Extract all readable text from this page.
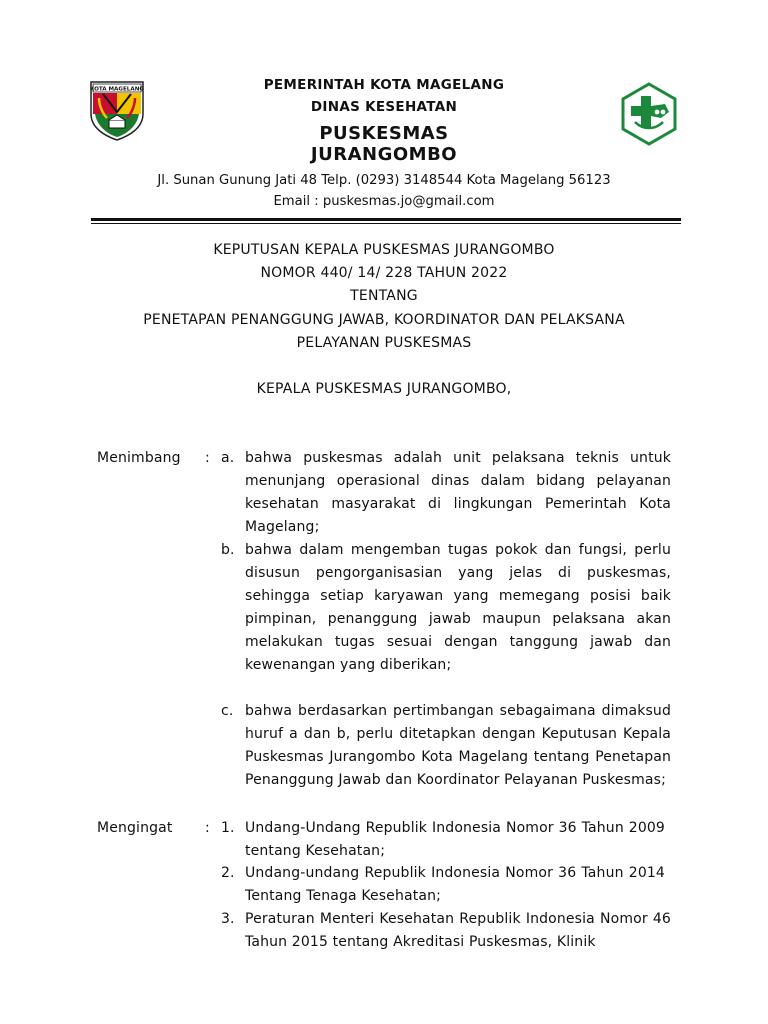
KOTA MAGELANG	PEMERINTAH KOTA MAGELANG
DINAS KESEHATAN
PUSKESMAS JURANGOMBO
Jl. Sunan Gunung Jati 48 Telp. (0293) 3148544 Kota Magelang 56123
Email : puskesmas.jo@gmail.com
KEPUTUSAN KEPALA PUSKESMAS JURANGOMBO
NOMOR 440/ 14/ 228 TAHUN 2022
TENTANG
PENETAPAN PENANGGUNG JAWAB, KOORDINATOR DAN PELAKSANA
PELAYANAN PUSKESMAS
KEPALA PUSKESMAS JURANGOMBO,
Menimbang : a. bahwa puskesmas adalah unit pelaksana teknis untuk menunjang operasional dinas dalam bidang pelayanan kesehatan masyarakat di lingkungan Pemerintah Kota Magelang;
b. bahwa dalam mengemban tugas pokok dan fungsi, perlu disusun pengorganisasian yang jelas di puskesmas, sehingga setiap karyawan yang memegang posisi baik pimpinan, penanggung jawab maupun pelaksana akan melakukan tugas sesuai dengan tanggung jawab dan kewenangan yang diberikan;
c. bahwa berdasarkan pertimbangan sebagaimana dimaksud huruf a dan b, perlu ditetapkan dengan Keputusan Kepala Puskesmas Jurangombo Kota Magelang tentang Penetapan Penanggung Jawab dan Koordinator Pelayanan Puskesmas;
Mengingat : 1. Undang-Undang Republik Indonesia Nomor 36 Tahun 2009 tentang Kesehatan;
2. Undang-undang Republik Indonesia Nomor 36 Tahun 2014 Tentang Tenaga Kesehatan;
3. Peraturan Menteri Kesehatan Republik Indonesia Nomor 46 Tahun 2015 tentang Akreditasi Puskesmas, Klinik
